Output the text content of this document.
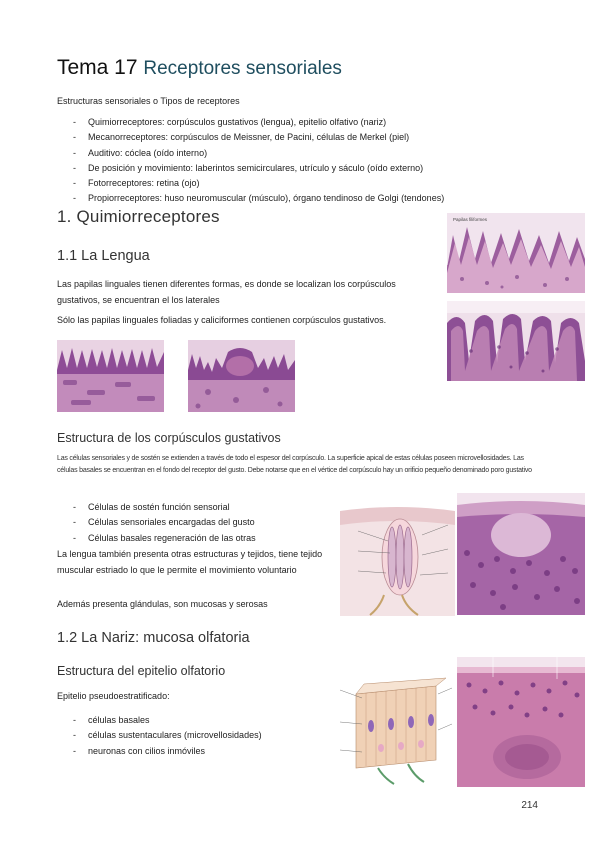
Tema 17 Receptores sensoriales
Estructuras sensoriales o Tipos de receptores
- Quimiorreceptores: corpúsculos gustativos (lengua), epitelio olfativo (nariz)
- Mecanorreceptores: corpúsculos de Meissner, de Pacini, células de Merkel (piel)
- Auditivo: cóclea (oído interno)
- De posición y movimiento: laberintos semicirculares, utrículo y sáculo (oído externo)
- Fotorreceptores: retina (ojo)
- Propiorreceptores: huso neuromuscular (músculo), órgano tendinoso de Golgi (tendones)
1. Quimiorreceptores
1.1 La Lengua
Las papilas linguales tienen diferentes formas, es donde se localizan los corpúsculos gustativos, se encuentran el los laterales
Sólo las papilas linguales foliadas y caliciformes contienen corpúsculos gustativos.
Papilas filiformes
Estructura de los corpúsculos gustativos
Las células sensoriales y de sostén se extienden a través de todo el espesor del corpúsculo. La superficie apical de estas células poseen microvellosidades. Las células basales se encuentran en el fondo del receptor del gusto. Debe notarse que en el vértice del corpúsculo hay un orificio pequeño denominado poro gustativo
- Células de sostén función sensorial
- Células sensoriales encargadas del gusto
- Células basales regeneración de las otras
La lengua también presenta otras estructuras y tejidos, tiene tejido muscular estriado lo que le permite el movimiento voluntario
Además presenta glándulas, son mucosas y serosas
1.2 La Nariz: mucosa olfatoria
Estructura del epitelio olfatorio
Epitelio pseudoestratificado:
- células basales
- células sustentaculares (microvellosidades)
- neuronas con cilios inmóviles
214
